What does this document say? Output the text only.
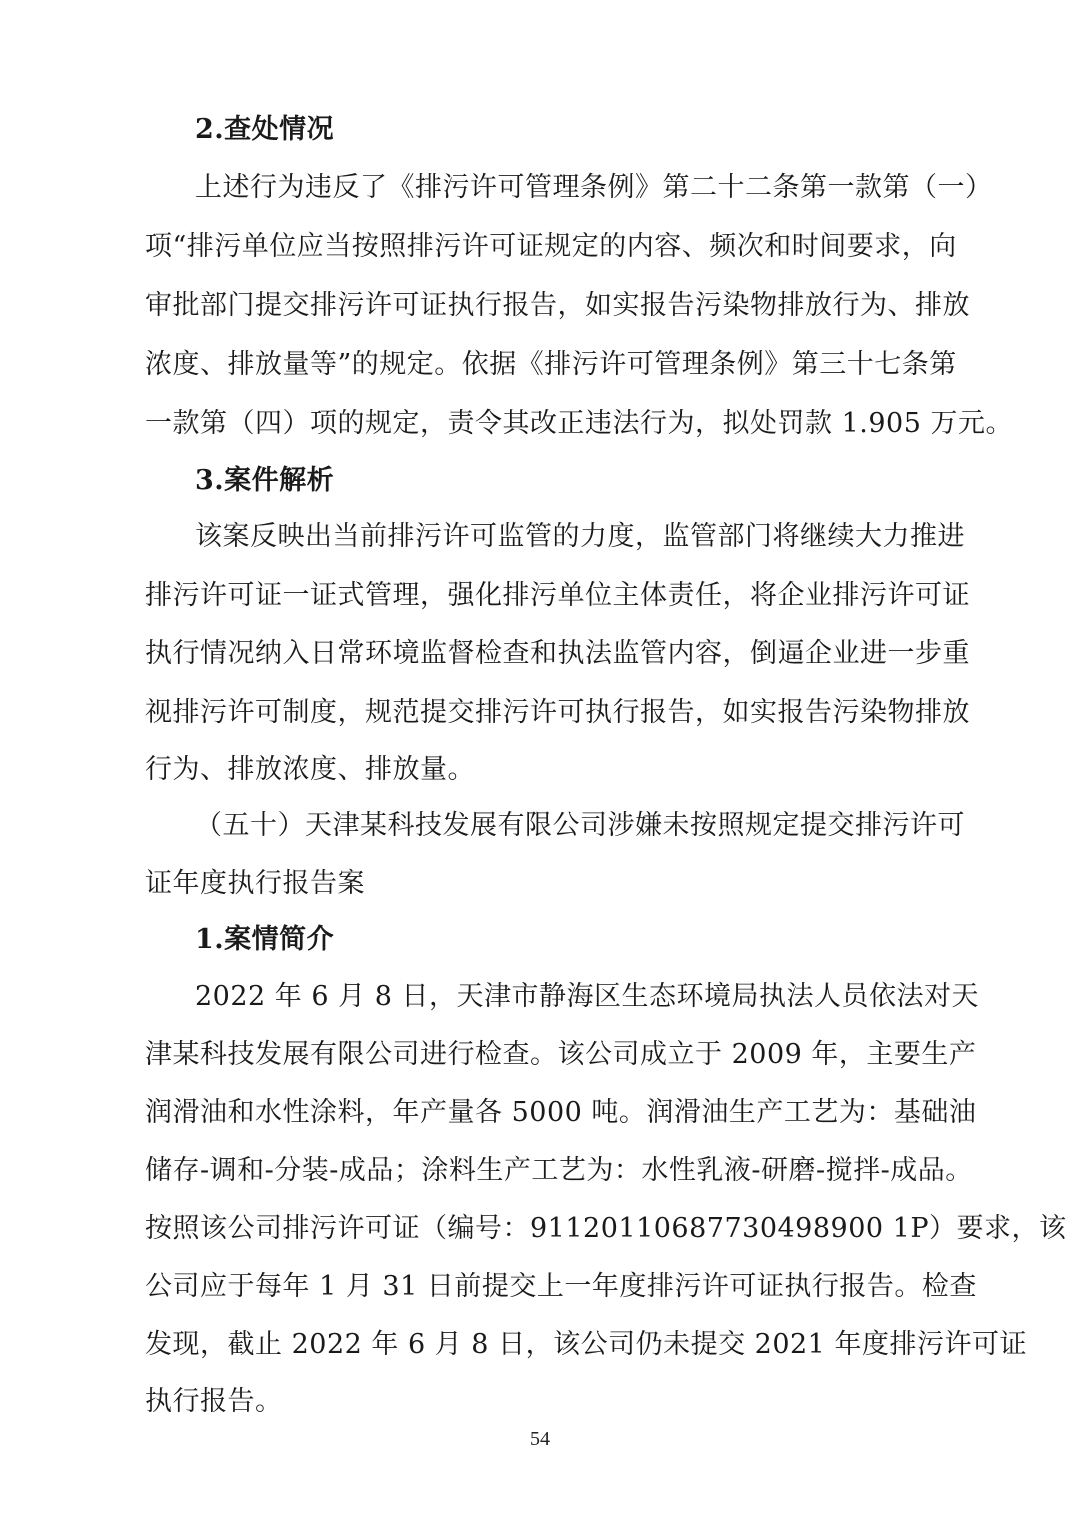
2.查处情况
上述行为违反了《排污许可管理条例》第二十二条第一款第（一）
项“排污单位应当按照排污许可证规定的内容、频次和时间要求，向
审批部门提交排污许可证执行报告，如实报告污染物排放行为、排放
浓度、排放量等”的规定。依据《排污许可管理条例》第三十七条第
一款第（四）项的规定，责令其改正违法行为，拟处罚款 1.905 万元。
3.案件解析
该案反映出当前排污许可监管的力度，监管部门将继续大力推进
排污许可证一证式管理，强化排污单位主体责任，将企业排污许可证
执行情况纳入日常环境监督检查和执法监管内容，倒逼企业进一步重
视排污许可制度，规范提交排污许可执行报告，如实报告污染物排放
行为、排放浓度、排放量。
（五十）天津某科技发展有限公司涉嫌未按照规定提交排污许可
证年度执行报告案
1.案情简介
2022 年 6 月 8 日，天津市静海区生态环境局执法人员依法对天
津某科技发展有限公司进行检查。该公司成立于 2009 年，主要生产
润滑油和水性涂料，年产量各 5000 吨。润滑油生产工艺为：基础油
储存-调和-分装-成品；涂料生产工艺为：水性乳液-研磨-搅拌-成品。
按照该公司排污许可证（编号：91120110687730498900 1P）要求，该
公司应于每年 1 月 31 日前提交上一年度排污许可证执行报告。检查
发现，截止 2022 年 6 月 8 日，该公司仍未提交 2021 年度排污许可证
执行报告。
54
